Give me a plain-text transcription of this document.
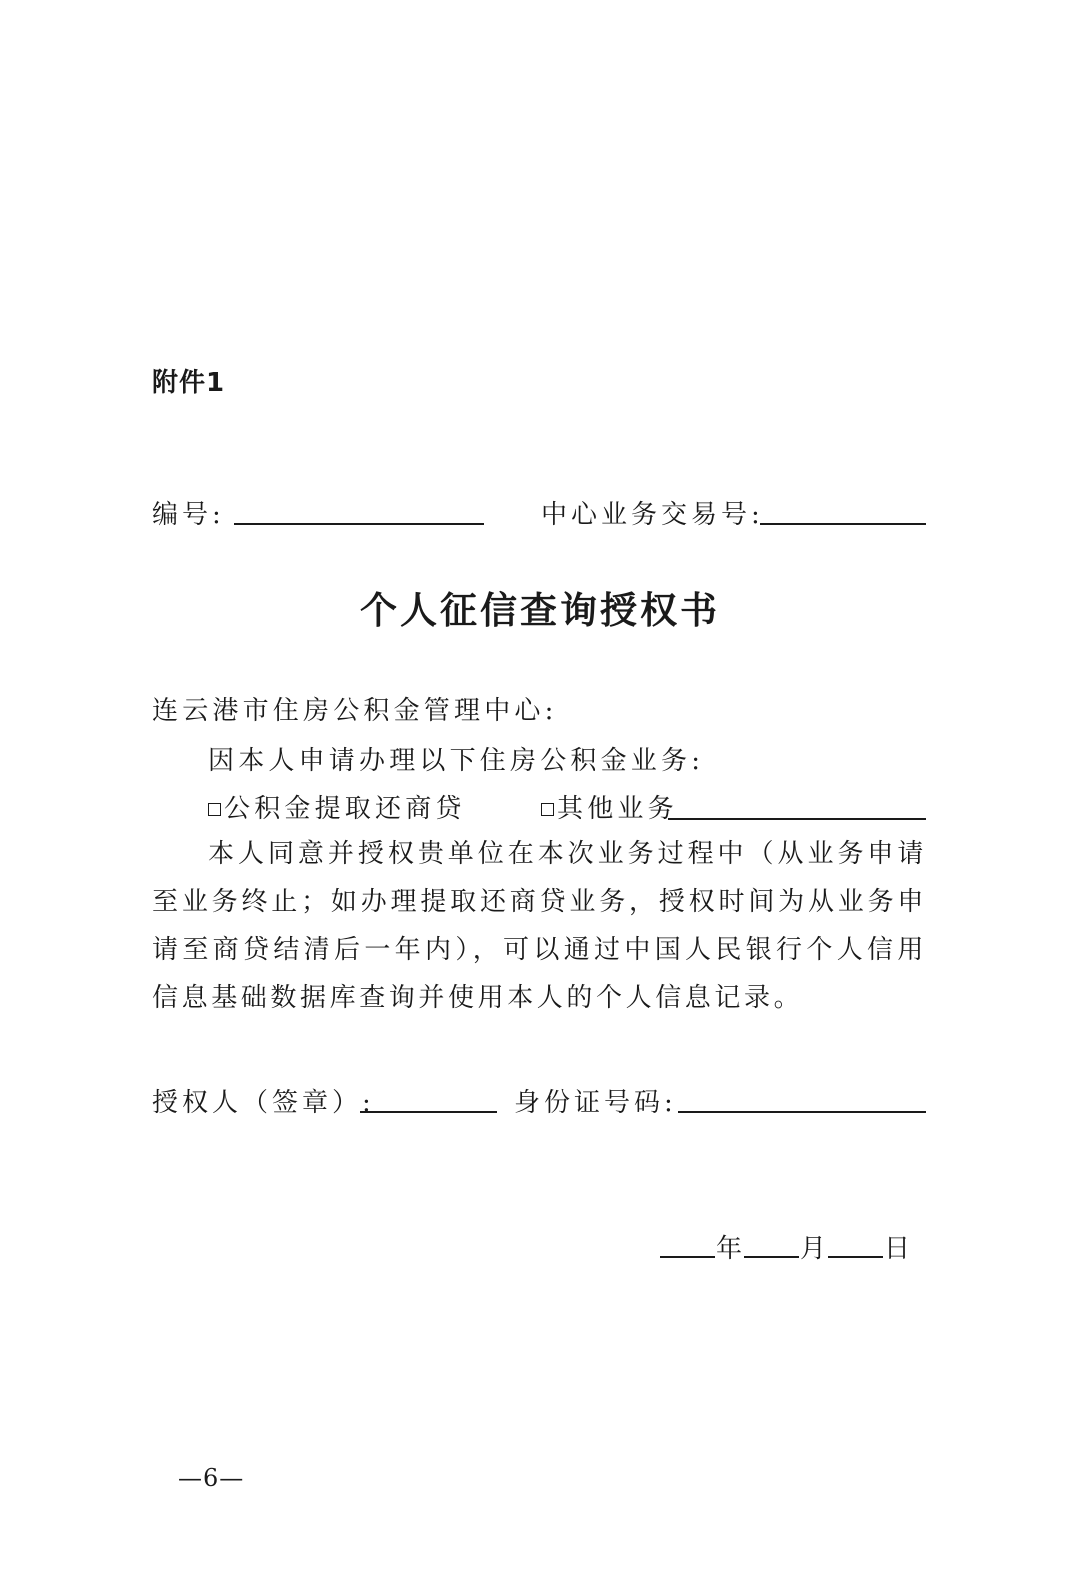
附件1
编号:	中心业务交易号:
个人征信查询授权书
连云港市住房公积金管理中心:
因本人申请办理以下住房公积金业务:
公积金提取还商贷	其他业务
本人同意并授权贵单位在本次业务过程中（从业务申请至业务终止；如办理提取还商贷业务，授权时间为从业务申请至商贷结清后一年内），可以通过中国人民银行个人信用信息基础数据库查询并使用本人的个人信息记录。
授权人（签章）:	身份证号码:
年 月 日
—6—
